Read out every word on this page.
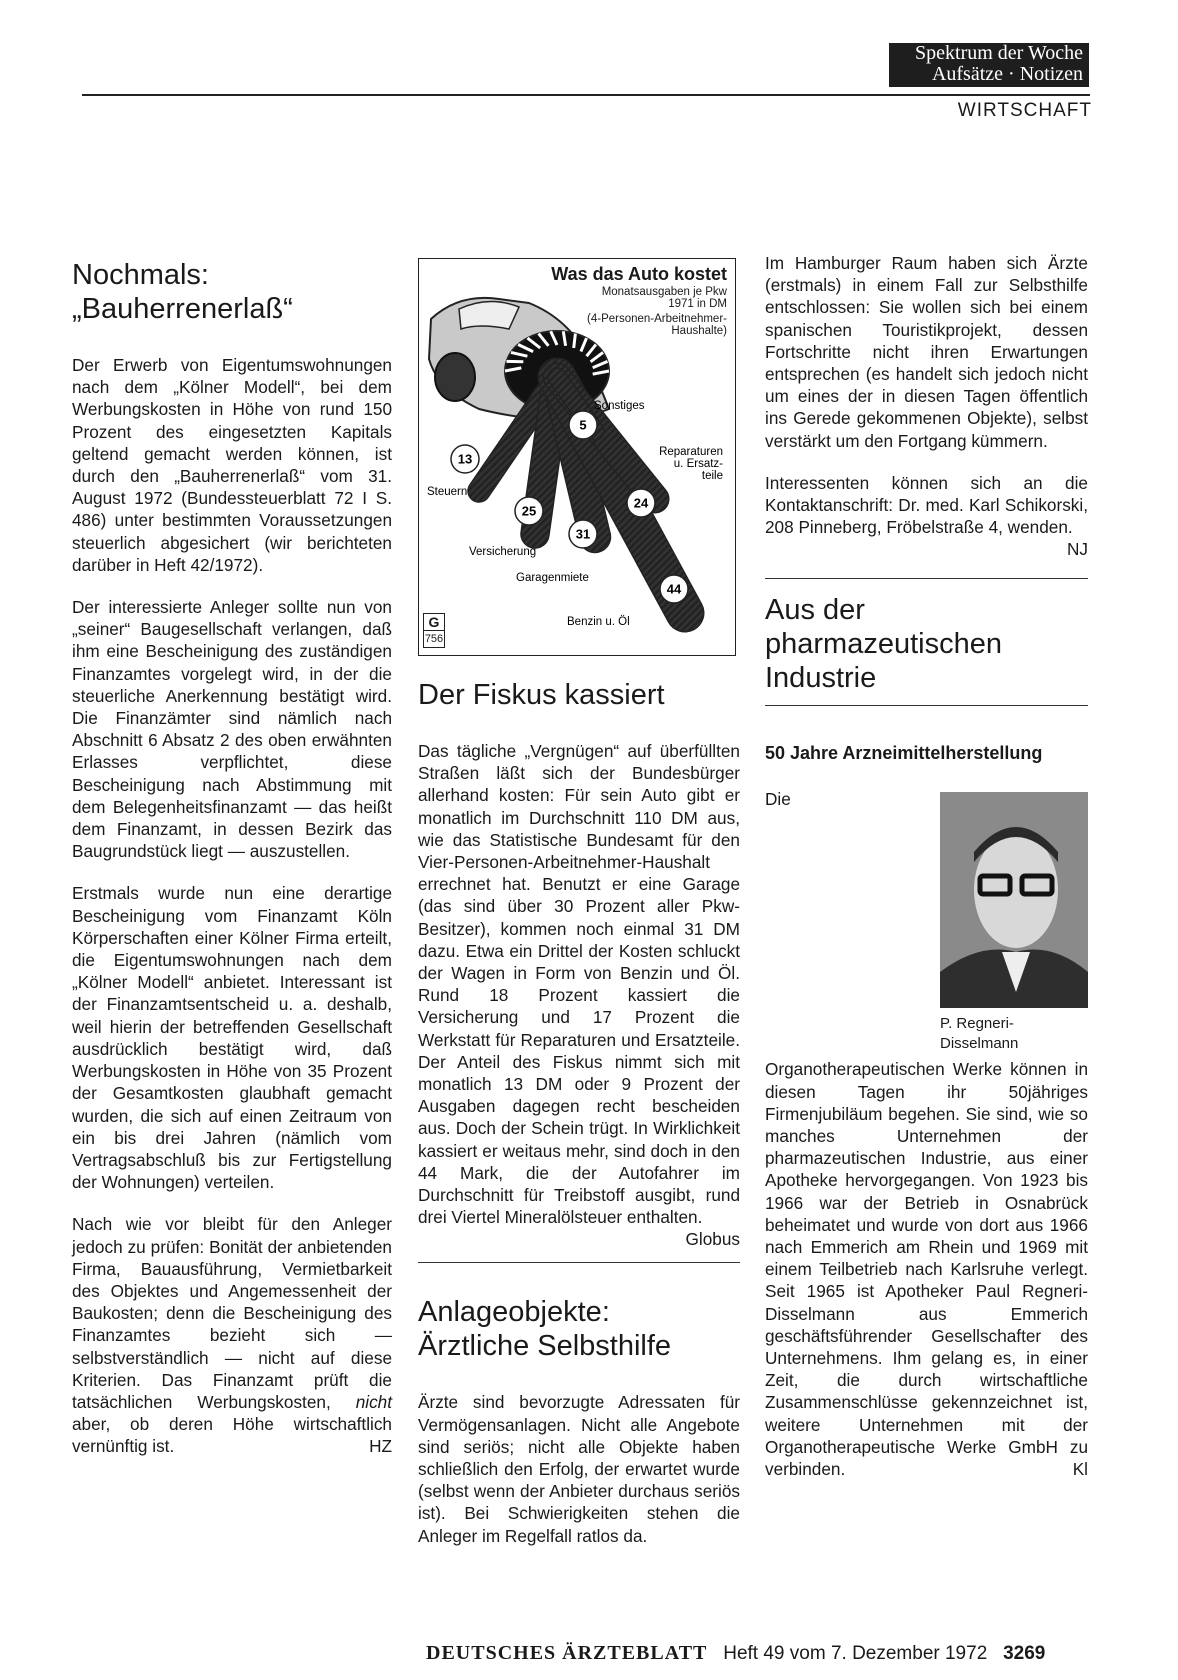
Spektrum der Woche
Aufsätze · Notizen
WIRTSCHAFT
Nochmals:
„Bauherrenerlaß“

Der Erwerb von Eigentumswohnungen nach dem „Kölner Modell“, bei dem Werbungskosten in Höhe von rund 150 Prozent des eingesetzten Kapitals geltend gemacht werden können, ist durch den „Bauherrenerlaß“ vom 31. August 1972 (Bundessteuerblatt 72 I S. 486) unter bestimmten Voraussetzungen steuerlich abgesichert (wir berichteten darüber in Heft 42/1972).

Der interessierte Anleger sollte nun von „seiner“ Baugesellschaft verlangen, daß ihm eine Bescheinigung des zuständigen Finanzamtes vorgelegt wird, in der die steuerliche Anerkennung bestätigt wird. Die Finanzämter sind nämlich nach Abschnitt 6 Absatz 2 des oben erwähnten Erlasses verpflichtet, diese Bescheinigung nach Abstimmung mit dem Belegenheitsfinanzamt — das heißt dem Finanzamt, in dessen Bezirk das Baugrundstück liegt — auszustellen.

Erstmals wurde nun eine derartige Bescheinigung vom Finanzamt Köln Körperschaften einer Kölner Firma erteilt, die Eigentumswohnungen nach dem „Kölner Modell“ anbietet. Interessant ist der Finanzamtsentscheid u. a. deshalb, weil hierin der betreffenden Gesellschaft ausdrücklich bestätigt wird, daß Werbungskosten in Höhe von 35 Prozent der Gesamtkosten glaubhaft gemacht wurden, die sich auf einen Zeitraum von ein bis drei Jahren (nämlich vom Vertragsabschluß bis zur Fertigstellung der Wohnungen) verteilen.

Nach wie vor bleibt für den Anleger jedoch zu prüfen: Bonität der anbietenden Firma, Bauausführung, Vermietbarkeit des Objektes und Angemessenheit der Baukosten; denn die Bescheinigung des Finanzamtes bezieht sich — selbstverständlich — nicht auf diese Kriterien. Das Finanzamt prüft die tatsächlichen Werbungskosten, nicht aber, ob deren Höhe wirtschaftlich vernünftig ist.	HZ

13
Steuern
25
Versicherung
31
Garagenmiete
44
Benzin u. Öl
24
Reparaturen u. Ersatz-teile
5
Sonstiges
Was das Auto kostet
Monatsausgaben je Pkw
1971 in DM
(4-Personen-Arbeitnehmer-Haushalte)
G
756
Der Fiskus kassiert

Das tägliche „Vergnügen“ auf überfüllten Straßen läßt sich der Bundesbürger allerhand kosten: Für sein Auto gibt er monatlich im Durchschnitt 110 DM aus, wie das Statistische Bundesamt für den Vier-Personen-Arbeitnehmer-Haushalt errechnet hat. Benutzt er eine Garage (das sind über 30 Prozent aller Pkw-Besitzer), kommen noch einmal 31 DM dazu. Etwa ein Drittel der Kosten schluckt der Wagen in Form von Benzin und Öl. Rund 18 Prozent kassiert die Versicherung und 17 Prozent die Werkstatt für Reparaturen und Ersatzteile. Der Anteil des Fiskus nimmt sich mit monatlich 13 DM oder 9 Prozent der Ausgaben dagegen recht bescheiden aus. Doch der Schein trügt. In Wirklichkeit kassiert er weitaus mehr, sind doch in den 44 Mark, die der Autofahrer im Durchschnitt für Treibstoff ausgibt, rund drei Viertel Mineralölsteuer enthalten.
Globus

Anlageobjekte:
Ärztliche Selbsthilfe

Ärzte sind bevorzugte Adressaten für Vermögensanlagen. Nicht alle Angebote sind seriös; nicht alle Objekte haben schließlich den Erfolg, der erwartet wurde (selbst wenn der Anbieter durchaus seriös ist). Bei Schwierigkeiten stehen die Anleger im Regelfall ratlos da.

Im Hamburger Raum haben sich Ärzte (erstmals) in einem Fall zur Selbsthilfe entschlossen: Sie wollen sich bei einem spanischen Touristikprojekt, dessen Fortschritte nicht ihren Erwartungen entsprechen (es handelt sich jedoch nicht um eines der in diesen Tagen öffentlich ins Gerede gekommenen Objekte), selbst verstärkt um den Fortgang kümmern.

Interessenten können sich an die Kontaktanschrift: Dr. med. Karl Schikorski, 208 Pinneberg, Fröbelstraße 4, wenden.
NJ

Aus der pharmazeutischen Industrie
50 Jahre Arzneimittelherstellung
P. Regneri-Disselmann

Die Organotherapeutischen Werke können in diesen Tagen ihr 50jähriges Firmenjubiläum begehen. Sie sind, wie so manches Unternehmen der pharmazeutischen Industrie, aus einer Apotheke hervorgegangen. Von 1923 bis 1966 war der Betrieb in Osnabrück beheimatet und wurde von dort aus 1966 nach Emmerich am Rhein und 1969 mit einem Teilbetrieb nach Karlsruhe verlegt. Seit 1965 ist Apotheker Paul Regneri-Disselmann aus Emmerich geschäftsführender Gesellschafter des Unternehmens. Ihm gelang es, in einer Zeit, die durch wirtschaftliche Zusammenschlüsse gekennzeichnet ist, weitere Unternehmen mit der Organotherapeutische Werke GmbH zu verbinden.	Kl

DEUTSCHES ÄRZTEBLATT Heft 49 vom 7. Dezember 1972 3269
